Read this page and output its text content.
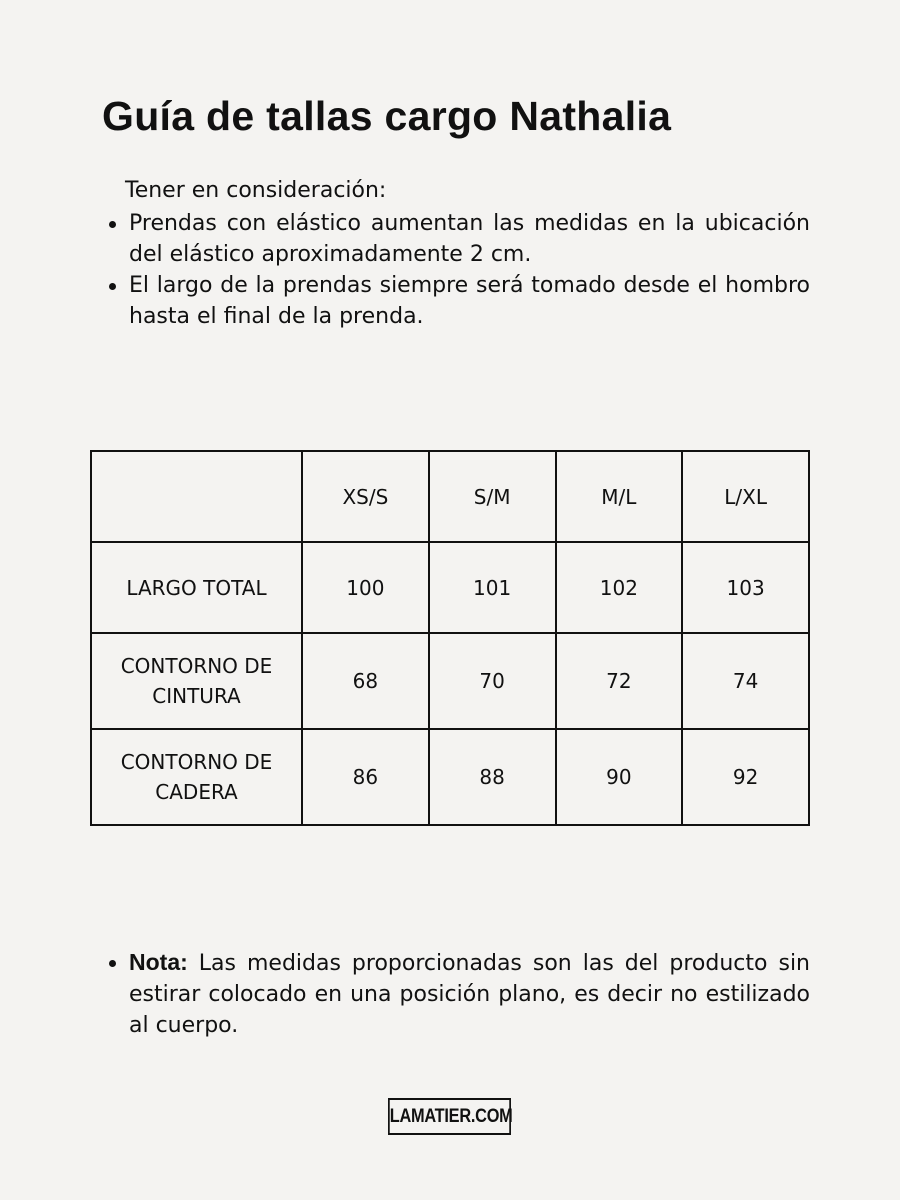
Guía de tallas cargo Nathalia
Tener en consideración:
Prendas con elástico aumentan las medidas en la ubicación del elástico aproximadamente 2 cm.
El largo de la prendas siempre será tomado desde el hombro hasta el final de la prenda.
	XS/S	S/M	M/L	L/XL
LARGO TOTAL	100	101	102	103
CONTORNO DE
CINTURA	68	70	72	74
CONTORNO DE
CADERA	86	88	90	92
Nota: Las medidas proporcionadas son las del producto sin estirar colocado en una posición plano, es decir no estilizado al cuerpo.
LAMATIER.COM
